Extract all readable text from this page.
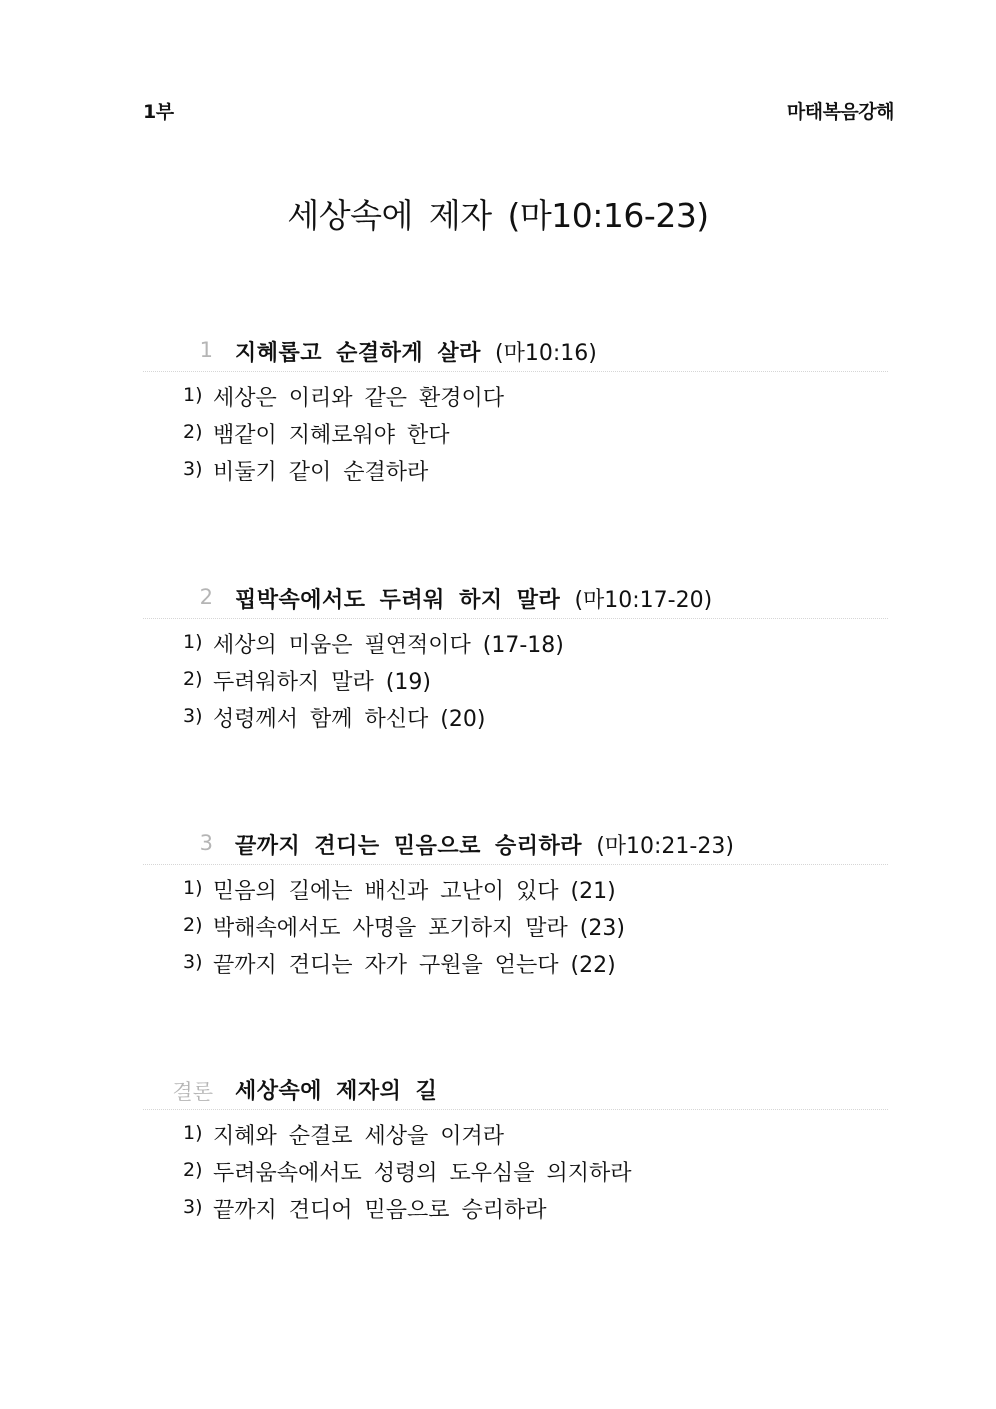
1부	마태복음강해
세상속에 제자 (마10:16-23)
1 지혜롭고 순결하게 살라 (마10:16)
1) 세상은 이리와 같은 환경이다
2) 뱀같이 지혜로워야 한다
3) 비둘기 같이 순결하라
2 핍박속에서도 두려워 하지 말라 (마10:17-20)
1) 세상의 미움은 필연적이다 (17-18)
2) 두려워하지 말라 (19)
3) 성령께서 함께 하신다 (20)
3 끝까지 견디는 믿음으로 승리하라 (마10:21-23)
1) 믿음의 길에는 배신과 고난이 있다 (21)
2) 박해속에서도 사명을 포기하지 말라 (23)
3) 끝까지 견디는 자가 구원을 얻는다 (22)
결론 세상속에 제자의 길
1) 지혜와 순결로 세상을 이겨라
2) 두려움속에서도 성령의 도우심을 의지하라
3) 끝까지 견디어 믿음으로 승리하라
